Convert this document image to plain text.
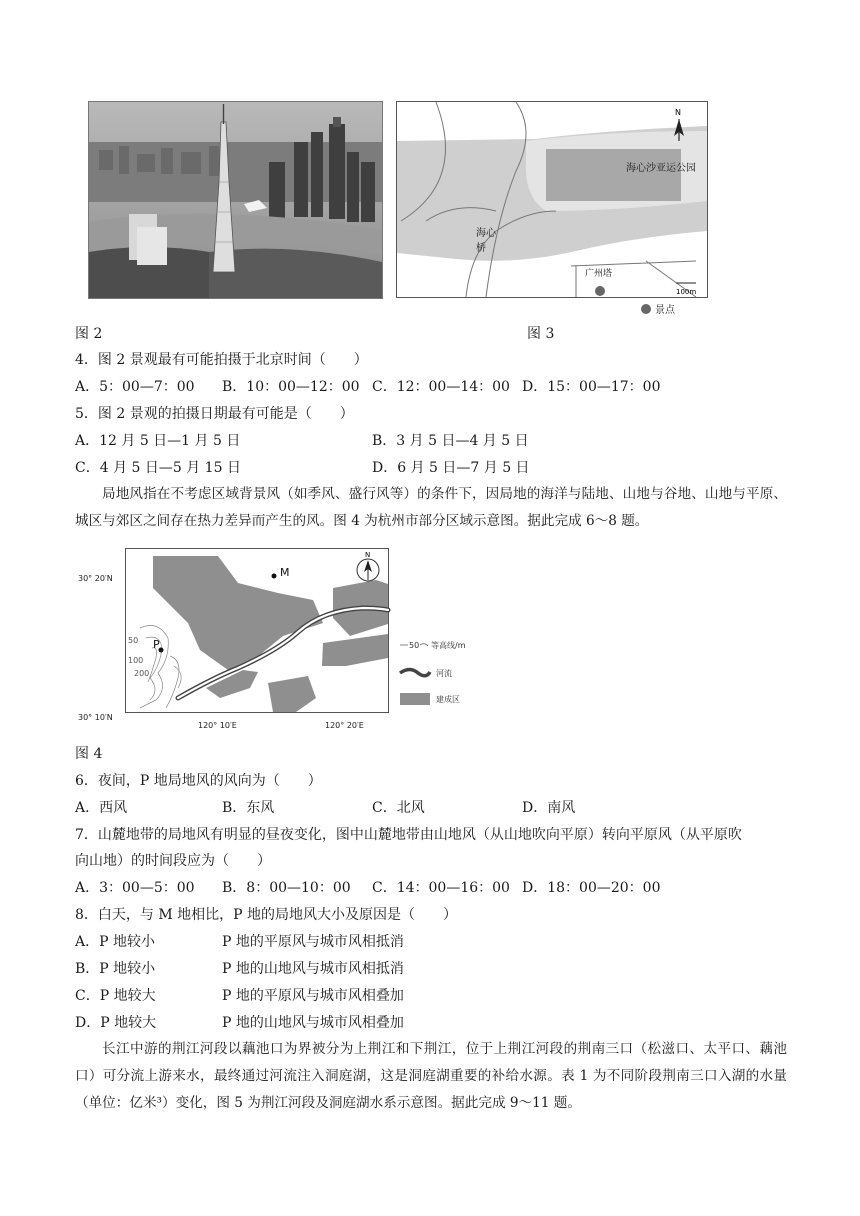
N
海心沙亚运公园
海心
桥
广州塔
100m
景点
图 2	图 3
4．图 2 景观最有可能拍摄于北京时间（　　）
A．5：00—7：00 B．10：00—12：00 C．12：00—14：00 D．15：00—17：00
5．图 2 景观的拍摄日期最有可能是（　　）
A．12 月 5 日—1 月 5 日	B．3 月 5 日—4 月 5 日
C．4 月 5 日—5 月 15 日	D．6 月 5 日—7 月 5 日
局地风指在不考虑区域背景风（如季风、盛行风等）的条件下，因局地的海洋与陆地、山地与谷地、山地与平原、城区与郊区之间存在热力差异而产生的风。图 4 为杭州市部分区域示意图。据此完成 6～8 题。
50
100
200
M
P
N
30° 20′N
30° 10′N
120° 10′E	120° 20′E
50 等高线/m
河流
建成区
图 4
6．夜间，P 地局地风的风向为（　　）
A．西风	B．东风	C．北风	D．南风
7．山麓地带的局地风有明显的昼夜变化，图中山麓地带由山地风（从山地吹向平原）转向平原风（从平原吹
向山地）的时间段应为（　　）
A．3：00—5：00 B．8：00—10：00 C．14：00—16：00 D．18：00—20：00
8．白天，与 M 地相比，P 地的局地风大小及原因是（　　）
A．P 地较小	P 地的平原风与城市风相抵消
B．P 地较小	P 地的山地风与城市风相抵消
C．P 地较大	P 地的平原风与城市风相叠加
D．P 地较大	P 地的山地风与城市风相叠加
长江中游的荆江河段以藕池口为界被分为上荆江和下荆江，位于上荆江河段的荆南三口（松滋口、太平口、藕池口）可分流上游来水，最终通过河流注入洞庭湖，这是洞庭湖重要的补给水源。表 1 为不同阶段荆南三口入湖的水量（单位：亿米³）变化，图 5 为荆江河段及洞庭湖水系示意图。据此完成 9～11 题。
